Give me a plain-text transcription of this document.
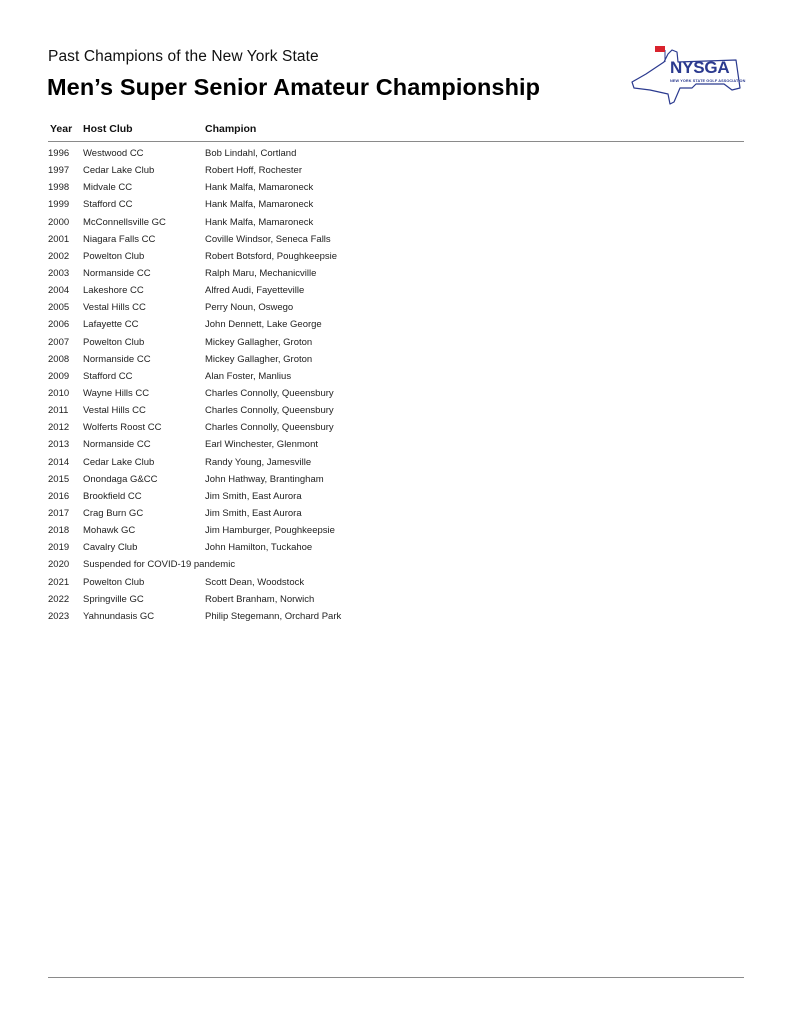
Past Champions of the New York State
Men’s Super Senior Amateur Championship
NYSGA
NEW YORK STATE GOLF ASSOCIATION
Year Host Club	Champion
1996 Westwood CC	Bob Lindahl, Cortland
1997 Cedar Lake Club	Robert Hoff, Rochester
1998 Midvale CC	Hank Malfa, Mamaroneck
1999 Stafford CC	Hank Malfa, Mamaroneck
2000 McConnellsville GC	Hank Malfa, Mamaroneck
2001 Niagara Falls CC	Coville Windsor, Seneca Falls
2002 Powelton Club	Robert Botsford, Poughkeepsie
2003 Normanside CC	Ralph Maru, Mechanicville
2004 Lakeshore CC	Alfred Audi, Fayetteville
2005 Vestal Hills CC	Perry Noun, Oswego
2006 Lafayette CC	John Dennett, Lake George
2007 Powelton Club	Mickey Gallagher, Groton
2008 Normanside CC	Mickey Gallagher, Groton
2009 Stafford CC	Alan Foster, Manlius
2010 Wayne Hills CC	Charles Connolly, Queensbury
2011 Vestal Hills CC	Charles Connolly, Queensbury
2012 Wolferts Roost CC	Charles Connolly, Queensbury
2013 Normanside CC	Earl Winchester, Glenmont
2014 Cedar Lake Club	Randy Young, Jamesville
2015 Onondaga G&CC	John Hathway, Brantingham
2016 Brookfield CC	Jim Smith, East Aurora
2017 Crag Burn GC	Jim Smith, East Aurora
2018 Mohawk GC	Jim Hamburger, Poughkeepsie
2019 Cavalry Club	John Hamilton, Tuckahoe
2020 Suspended for COVID-19 pandemic
2021 Powelton Club	Scott Dean, Woodstock
2022 Springville GC	Robert Branham, Norwich
2023 Yahnundasis GC	Philip Stegemann, Orchard Park
